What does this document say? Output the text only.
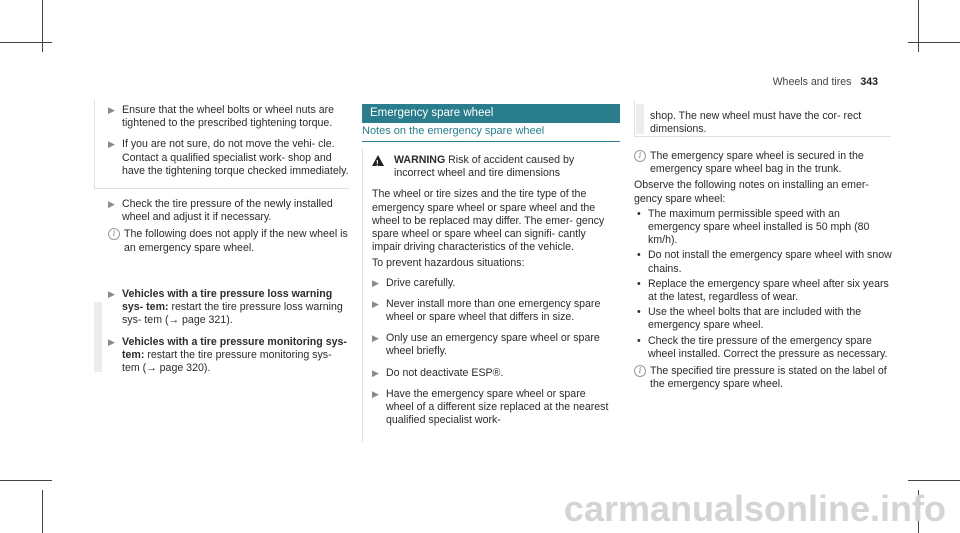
Wheels and tires 343
▶ Ensure that the wheel bolts or wheel nuts are tightened to the prescribed tightening torque.

▶ If you are not sure, do not move the vehi- cle. Contact a qualified specialist work- shop and have the tightening torque checked immediately.

▶ Check the tire pressure of the newly installed wheel and adjust it if necessary.

i The following does not apply if the new wheel is an emergency spare wheel.

▶ Vehicles with a tire pressure loss warning sys- tem: restart the tire pressure loss warning sys- tem (→ page 321).

▶ Vehicles with a tire pressure monitoring sys- tem: restart the tire pressure monitoring sys- tem (→ page 320).

Emergency spare wheel
Notes on the emergency spare wheel
! WARNING Risk of accident caused by incorrect wheel and tire dimensions

The wheel or tire sizes and the tire type of the emergency spare wheel or spare wheel and the wheel to be replaced may differ. The emer- gency spare wheel or spare wheel can signifi- cantly impair driving characteristics of the vehicle.

To prevent hazardous situations:

▶ Drive carefully.

▶ Never install more than one emergency spare wheel or spare wheel that differs in size.

▶ Only use an emergency spare wheel or spare wheel briefly.

▶ Do not deactivate ESP®.

▶ Have the emergency spare wheel or spare wheel of a different size replaced at the nearest qualified specialist work-

shop. The new wheel must have the cor- rect dimensions.

i The emergency spare wheel is secured in the emergency spare wheel bag in the trunk.

Observe the following notes on installing an emer- gency spare wheel:

• The maximum permissible speed with an emergency spare wheel installed is 50 mph (80 km/h).

• Do not install the emergency spare wheel with snow chains.

• Replace the emergency spare wheel after six years at the latest, regardless of wear.

• Use the wheel bolts that are included with the emergency spare wheel.

• Check the tire pressure of the emergency spare wheel installed. Correct the pressure as necessary.

i The specified tire pressure is stated on the label of the emergency spare wheel.

carmanualsonline.info
